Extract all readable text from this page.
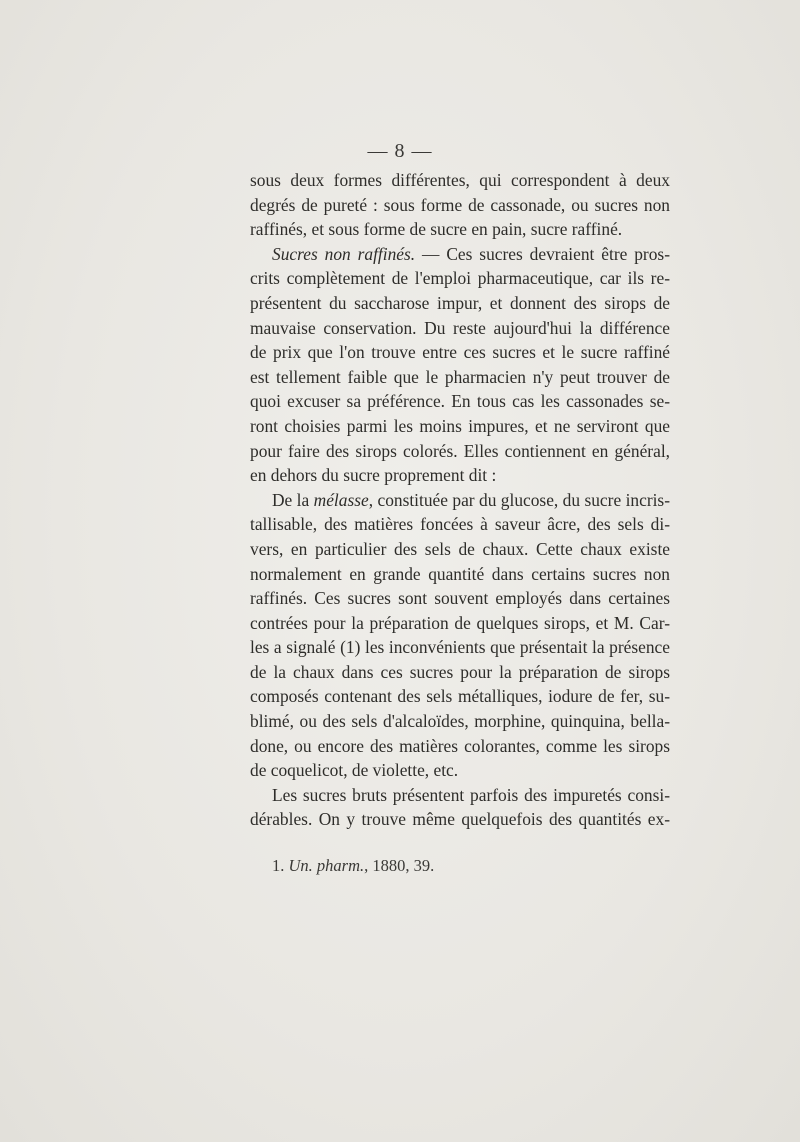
— 8 —
sous deux formes différentes, qui correspondent à deux
degrés de pureté : sous forme de cassonade, ou sucres non
raffinés, et sous forme de sucre en pain, sucre raffiné.
Sucres non raffinés. — Ces sucres devraient être pros-
crits complètement de l'emploi pharmaceutique, car ils re-
présentent du saccharose impur, et donnent des sirops de
mauvaise conservation. Du reste aujourd'hui la différence
de prix que l'on trouve entre ces sucres et le sucre raffiné
est tellement faible que le pharmacien n'y peut trouver de
quoi excuser sa préférence. En tous cas les cassonades se-
ront choisies parmi les moins impures, et ne serviront que
pour faire des sirops colorés. Elles contiennent en général,
en dehors du sucre proprement dit :
De la mélasse, constituée par du glucose, du sucre incris-
tallisable, des matières foncées à saveur âcre, des sels di-
vers, en particulier des sels de chaux. Cette chaux existe
normalement en grande quantité dans certains sucres non
raffinés. Ces sucres sont souvent employés dans certaines
contrées pour la préparation de quelques sirops, et M. Car-
les a signalé (1) les inconvénients que présentait la présence
de la chaux dans ces sucres pour la préparation de sirops
composés contenant des sels métalliques, iodure de fer, su-
blimé, ou des sels d'alcaloïdes, morphine, quinquina, bella-
done, ou encore des matières colorantes, comme les sirops
de coquelicot, de violette, etc.
Les sucres bruts présentent parfois des impuretés consi-
dérables. On y trouve même quelquefois des quantités ex-
1. Un. pharm., 1880, 39.
